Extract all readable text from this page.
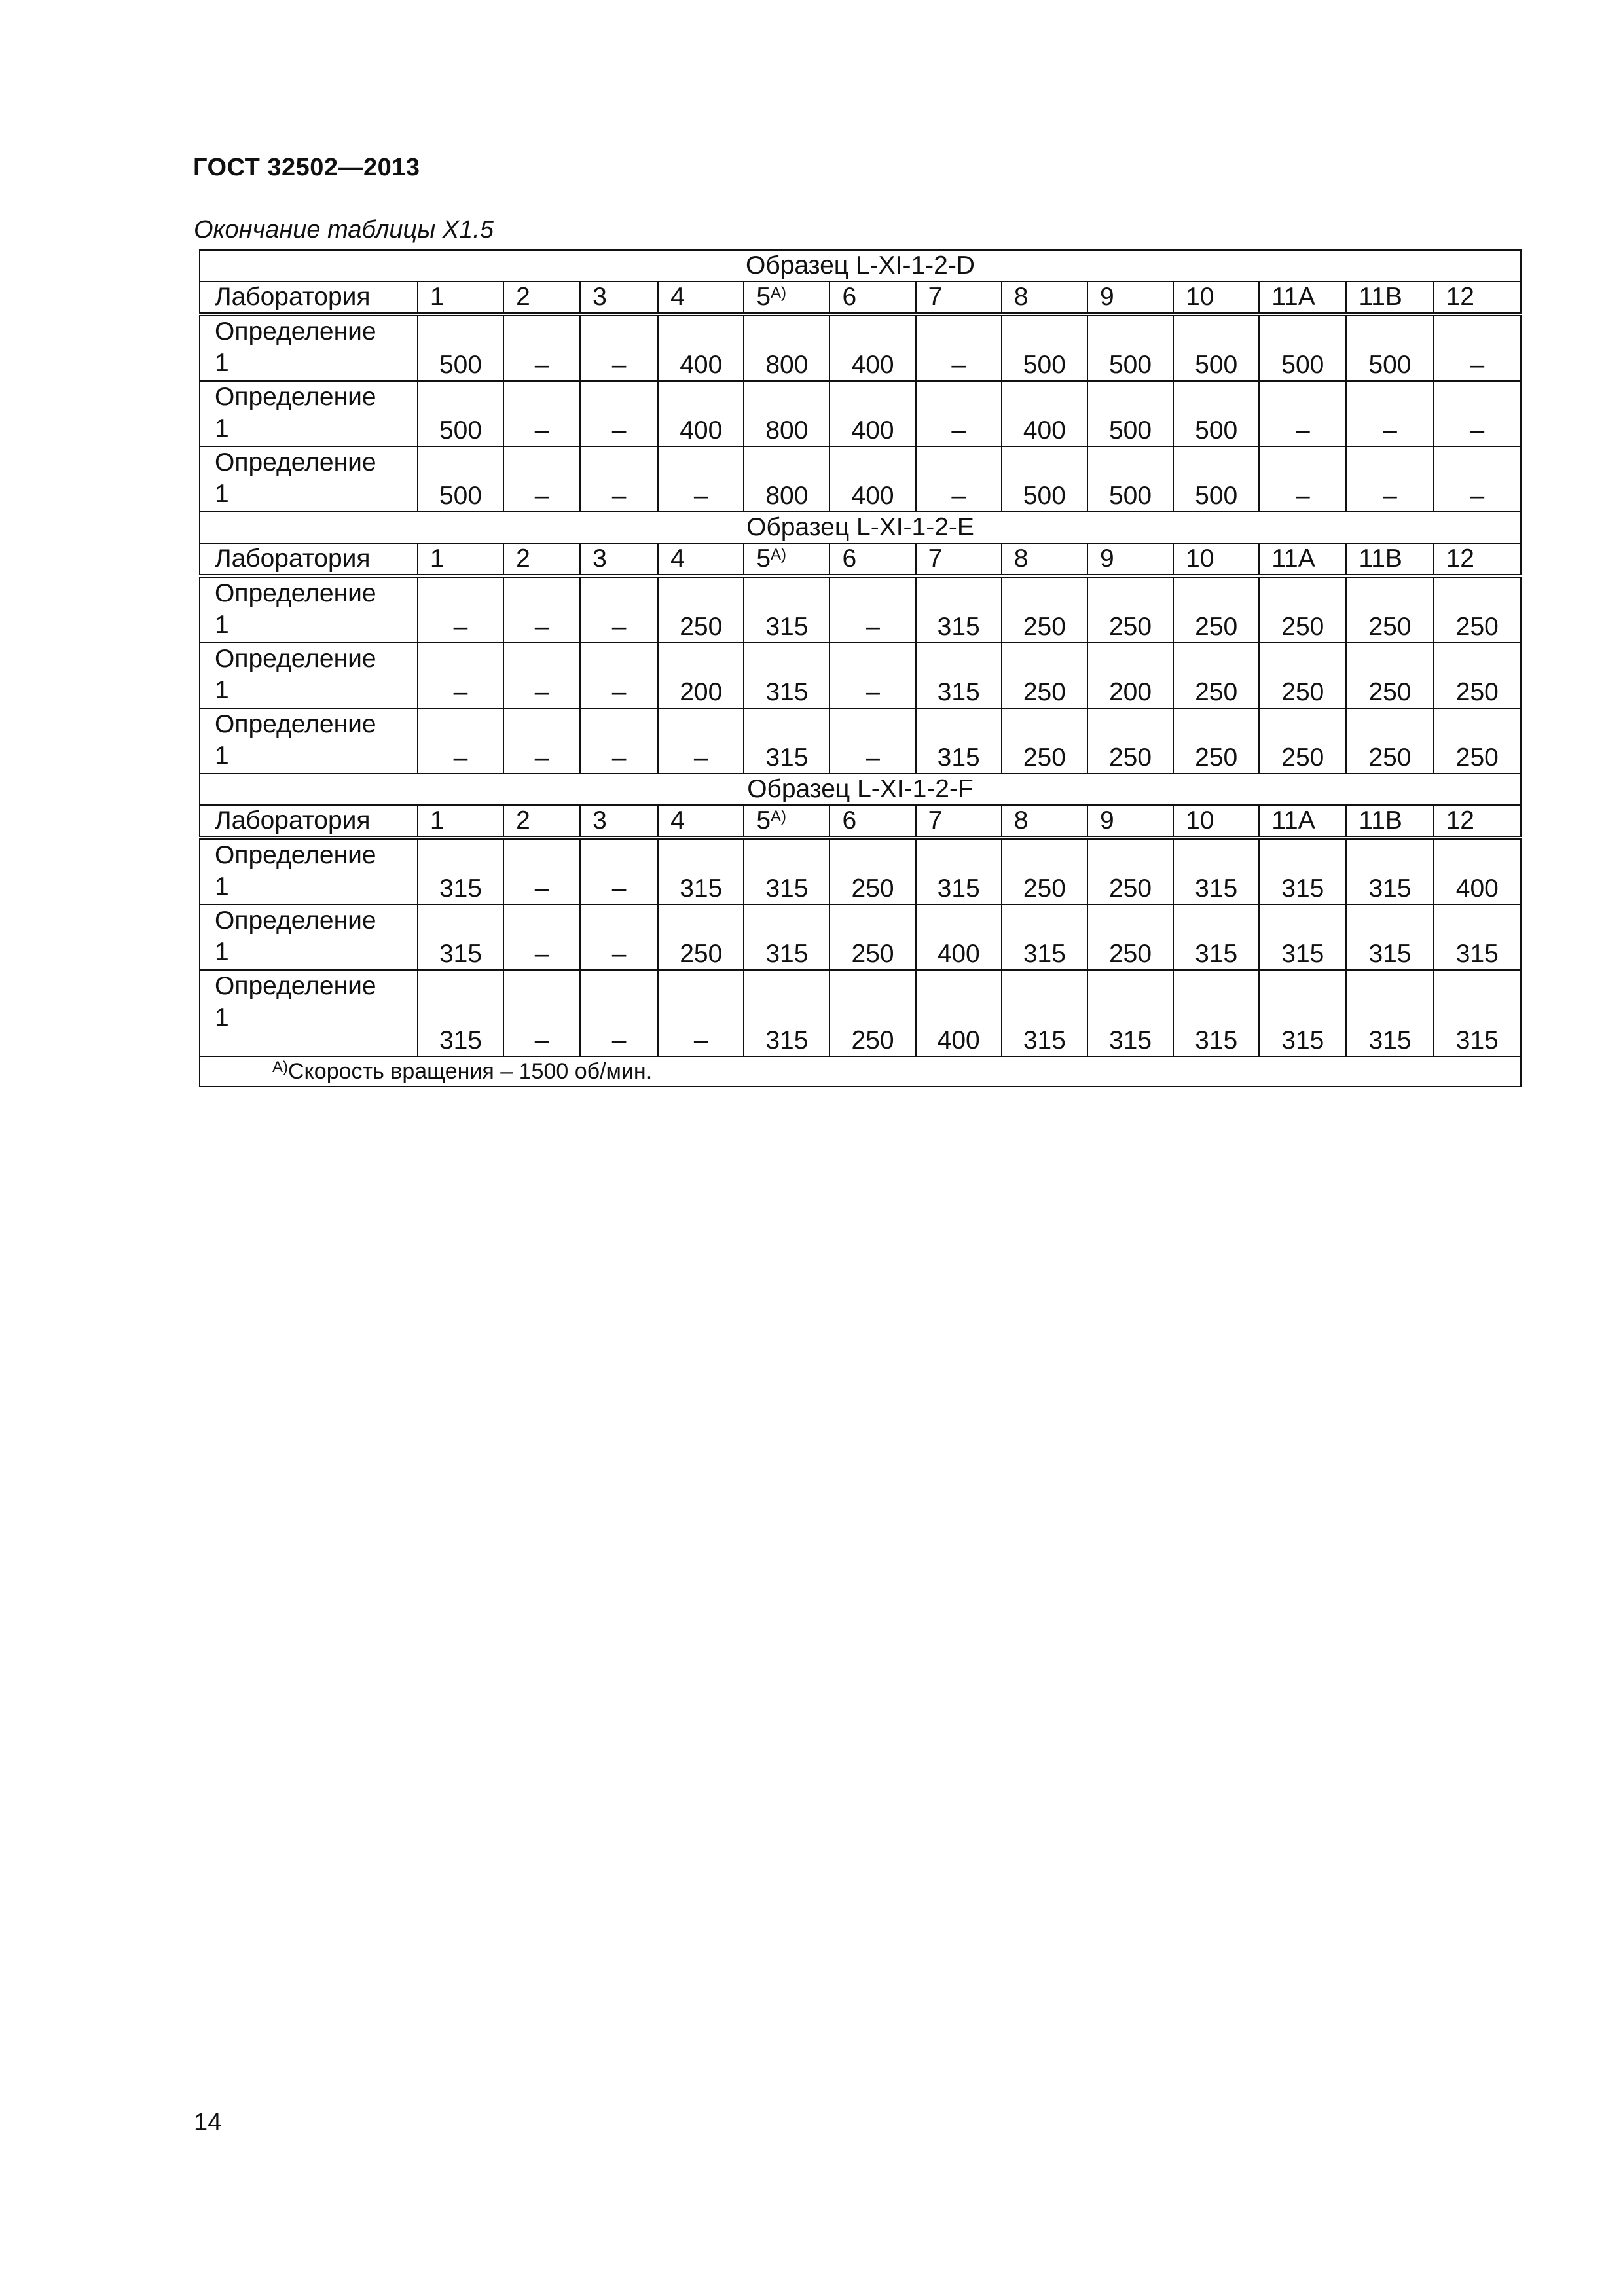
ГОСТ 32502—2013
Окончание таблицы Х1.5
Образец L-XI-1-2-D													
Лаборатория	1	2	3	4	$5^{А)}$	6	7	8	9	10	11А	11В	12
Определение
1	500	–	–	400	800	400	–	500	500	500	500	500	–
Определение
1	500	–	–	400	800	400	–	400	500	500	–	–	–
Определение
1	500	–	–	–	800	400	–	500	500	500	–	–	–
Образец L-XI-1-2-E													
Лаборатория	1	2	3	4	$5^{А)}$	6	7	8	9	10	11А	11В	12
Определение
1	–	–	–	250	315	–	315	250	250	250	250	250	250
Определение
1	–	–	–	200	315	–	315	250	200	250	250	250	250
Определение
1	–	–	–	–	315	–	315	250	250	250	250	250	250
Образец L-XI-1-2-F													
Лаборатория	1	2	3	4	$5^{А)}$	6	7	8	9	10	11А	11В	12
Определение
1	315	–	–	315	315	250	315	250	250	315	315	315	400
Определение
1	315	–	–	250	315	250	400	315	250	315	315	315	315
Определение
1	315	–	–	–	315	250	400	315	315	315	315	315	315
$^{А)}$Скорость вращения – 1500 об/мин.													
14
